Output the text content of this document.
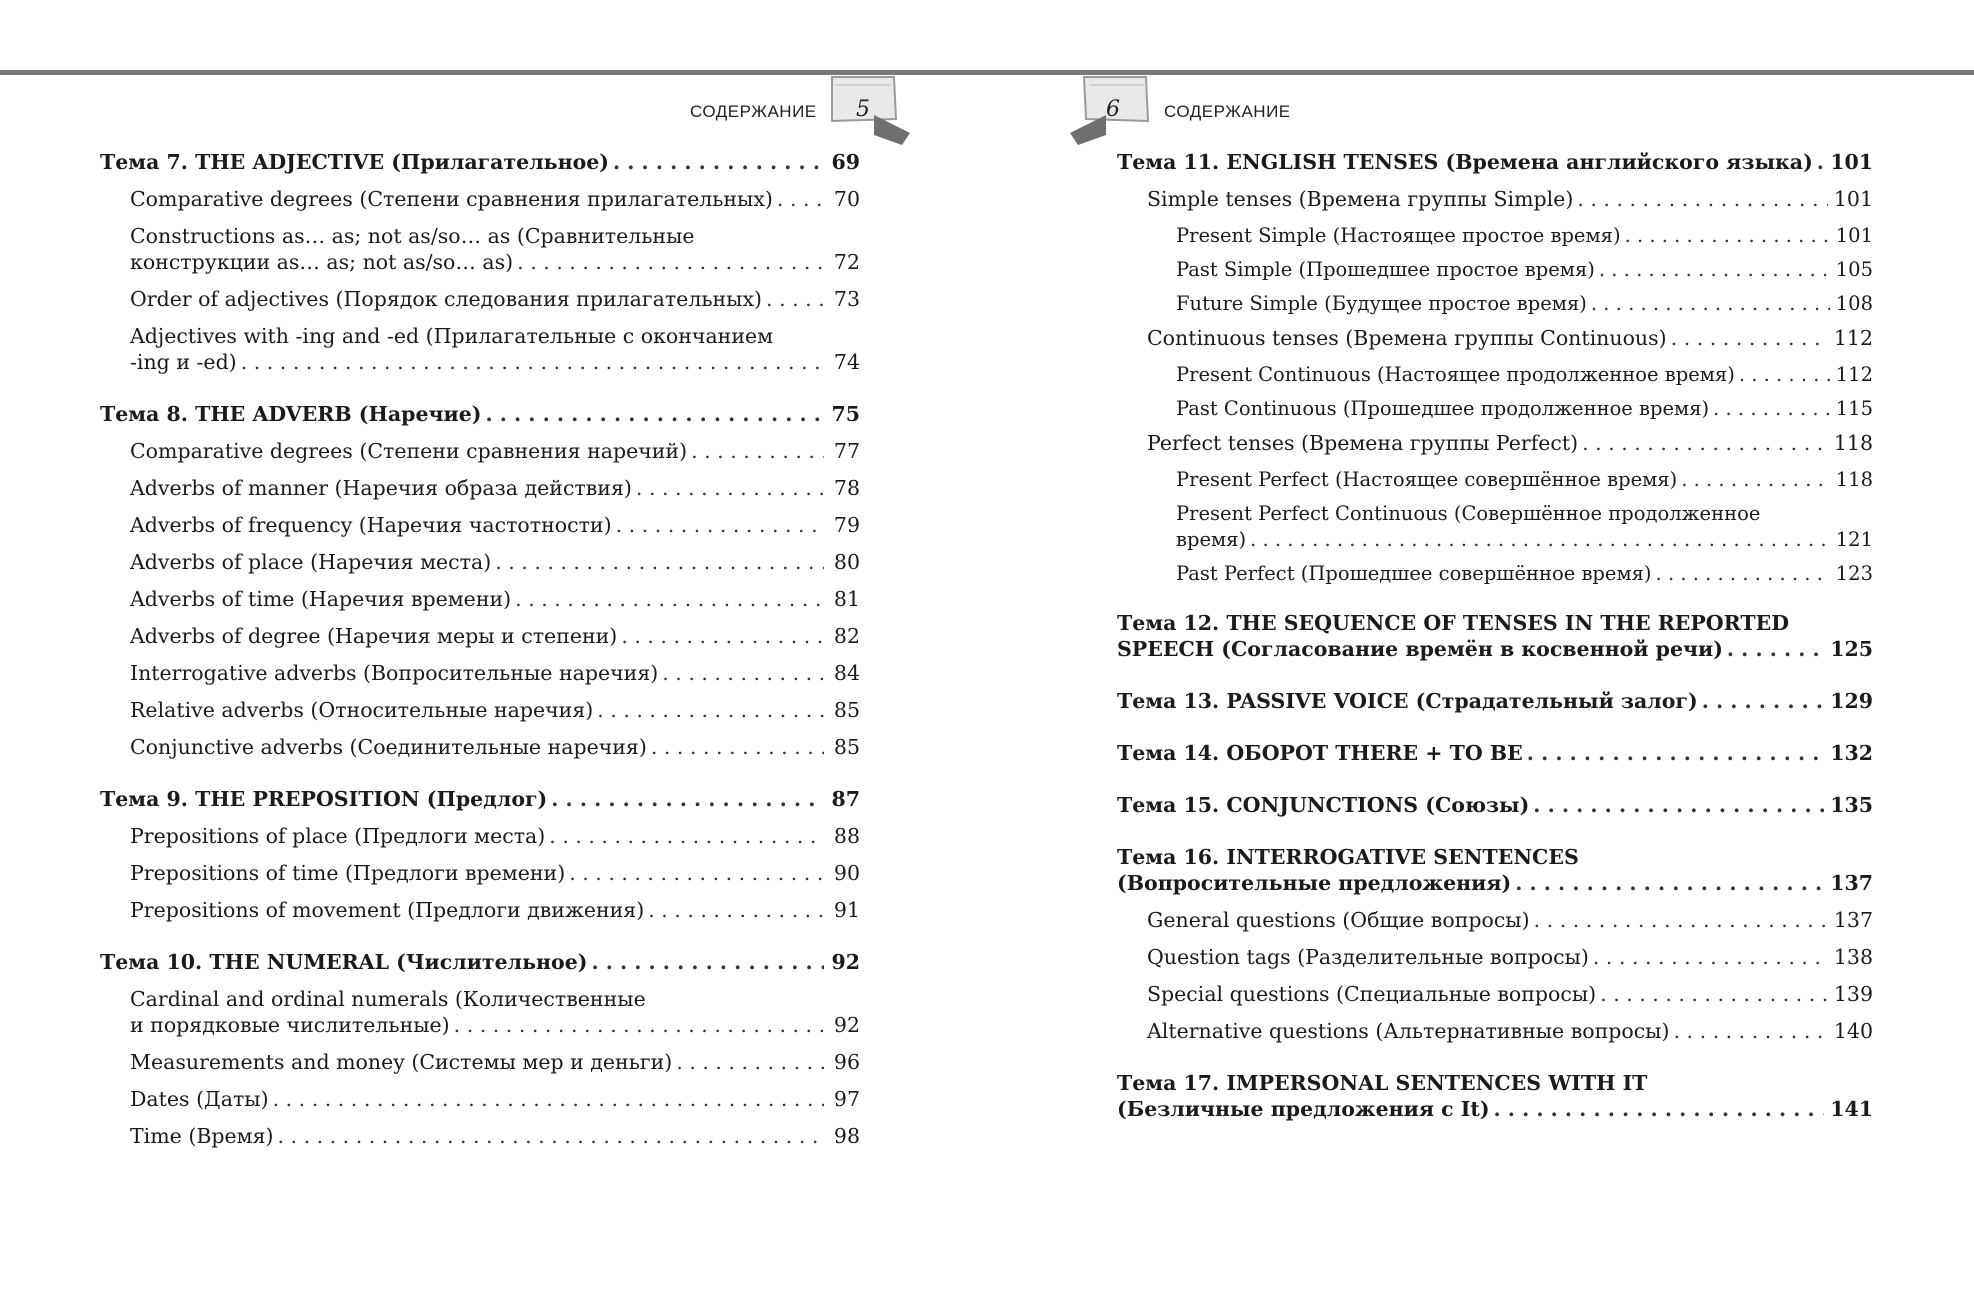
СОДЕРЖАНИЕ	5	6	СОДЕРЖАНИЕ
Тема 7. THE ADJECTIVE (Прилагательное) . . .	69
Comparative degrees (Степени сравнения прилагательных) . . .	70
Constructions as… as; not as/so… as (Сравнительные
конструкции as… as; not as/so… as) . . .	72
Order of adjectives (Порядок следования прилагательных) . . .	73
Adjectives with -ing and -ed (Прилагательные с окончанием
-ing и -ed) . . .	74
Тема 8. THE ADVERB (Наречие) . . .	75
Comparative degrees (Степени сравнения наречий) . . .	77
Adverbs of manner (Наречия образа действия) . . .	78
Adverbs of frequency (Наречия частотности) . . .	79
Adverbs of place (Наречия места) . . .	80
Adverbs of time (Наречия времени) . . .	81
Adverbs of degree (Наречия меры и степени) . . .	82
Interrogative adverbs (Вопросительные наречия) . . .	84
Relative adverbs (Относительные наречия) . . .	85
Conjunctive adverbs (Соединительные наречия) . . .	85
Тема 9. THE PREPOSITION (Предлог) . . .	87
Prepositions of place (Предлоги места) . . .	88
Prepositions of time (Предлоги времени) . . .	90
Prepositions of movement (Предлоги движения) . . .	91
Тема 10. THE NUMERAL (Числительное) . . .	92
Cardinal and ordinal numerals (Количественные
и порядковые числительные) . . .	92
Measurements and money (Системы мер и деньги) . . .	96
Dates (Даты) . . .	97
Time (Время) . . .	98
Тема 11. ENGLISH TENSES (Времена английского языка) . . . 101
Simple tenses (Времена группы Simple) . . .	101
Present Simple (Настоящее простое время) . . .	101
Past Simple (Прошедшее простое время) . . .	105
Future Simple (Будущее простое время) . . .	108
Continuous tenses (Времена группы Continuous) . . .	112
Present Continuous (Настоящее продолженное время) . . .	112
Past Continuous (Прошедшее продолженное время) . . .	115
Perfect tenses (Времена группы Perfect) . . .	118
Present Perfect (Настоящее совершённое время) . . .	118
Present Perfect Continuous (Совершённое продолженное
время) . . .	121
Past Perfect (Прошедшее совершённое время) . . .	123
Тема 12. THE SEQUENCE OF TENSES IN THE REPORTED
SPEECH (Согласование времён в косвенной речи) . . .	125
Тема 13. PASSIVE VOICE (Страдательный залог) . . .	129
Тема 14. ОБОРОТ THERE + TO BE . . .	132
Тема 15. CONJUNCTIONS (Союзы) . . .	135
Тема 16. INTERROGATIVE SENTENCES
(Вопросительные предложения) . . .	137
General questions (Общие вопросы) . . .	137
Question tags (Разделительные вопросы) . . .	138
Special questions (Специальные вопросы) . . .	139
Alternative questions (Альтернативные вопросы) . . .	140
Тема 17. IMPERSONAL SENTENCES WITH IT
(Безличные предложения с It) . . .	141
